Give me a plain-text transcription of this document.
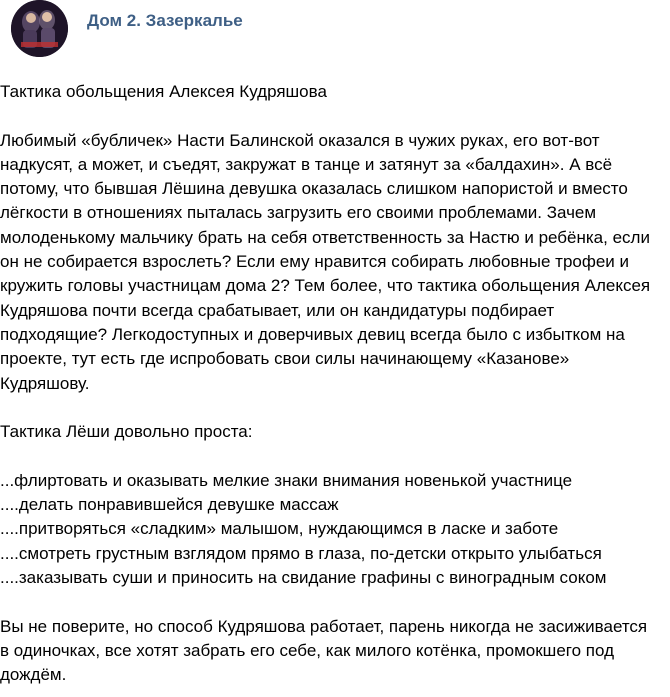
Дом 2. Зазеркалье

Тактика обольщения Алексея Кудряшова

Любимый «бубличек» Насти Балинской оказался в чужих руках, его вот-вот

надкусят, а может, и съедят, закружат в танце и затянут за «балдахин». А всё

потому, что бывшая Лёшина девушка оказалась слишком напористой и вместо

лёгкости в отношениях пыталась загрузить его своими проблемами. Зачем

молоденькому мальчику брать на себя ответственность за Настю и ребёнка, если

он не собирается взрослеть? Если ему нравится собирать любовные трофеи и

кружить головы участницам дома 2? Тем более, что тактика обольщения Алексея

Кудряшова почти всегда срабатывает, или он кандидатуры подбирает

подходящие? Легкодоступных и доверчивых девиц всегда было с избытком на

проекте, тут есть где испробовать свои силы начинающему «Казанове»

Кудряшову.

Тактика Лёши довольно проста:

...флиртовать и оказывать мелкие знаки внимания новенькой участнице

....делать понравившейся девушке массаж

....притворяться «сладким» малышом, нуждающимся в ласке и заботе

....смотреть грустным взглядом прямо в глаза, по-детски открыто улыбаться

....заказывать суши и приносить на свидание графины с виноградным соком

Вы не поверите, но способ Кудряшова работает, парень никогда не засиживается

в одиночках, все хотят забрать его себе, как милого котёнка, промокшего под

дождём.
